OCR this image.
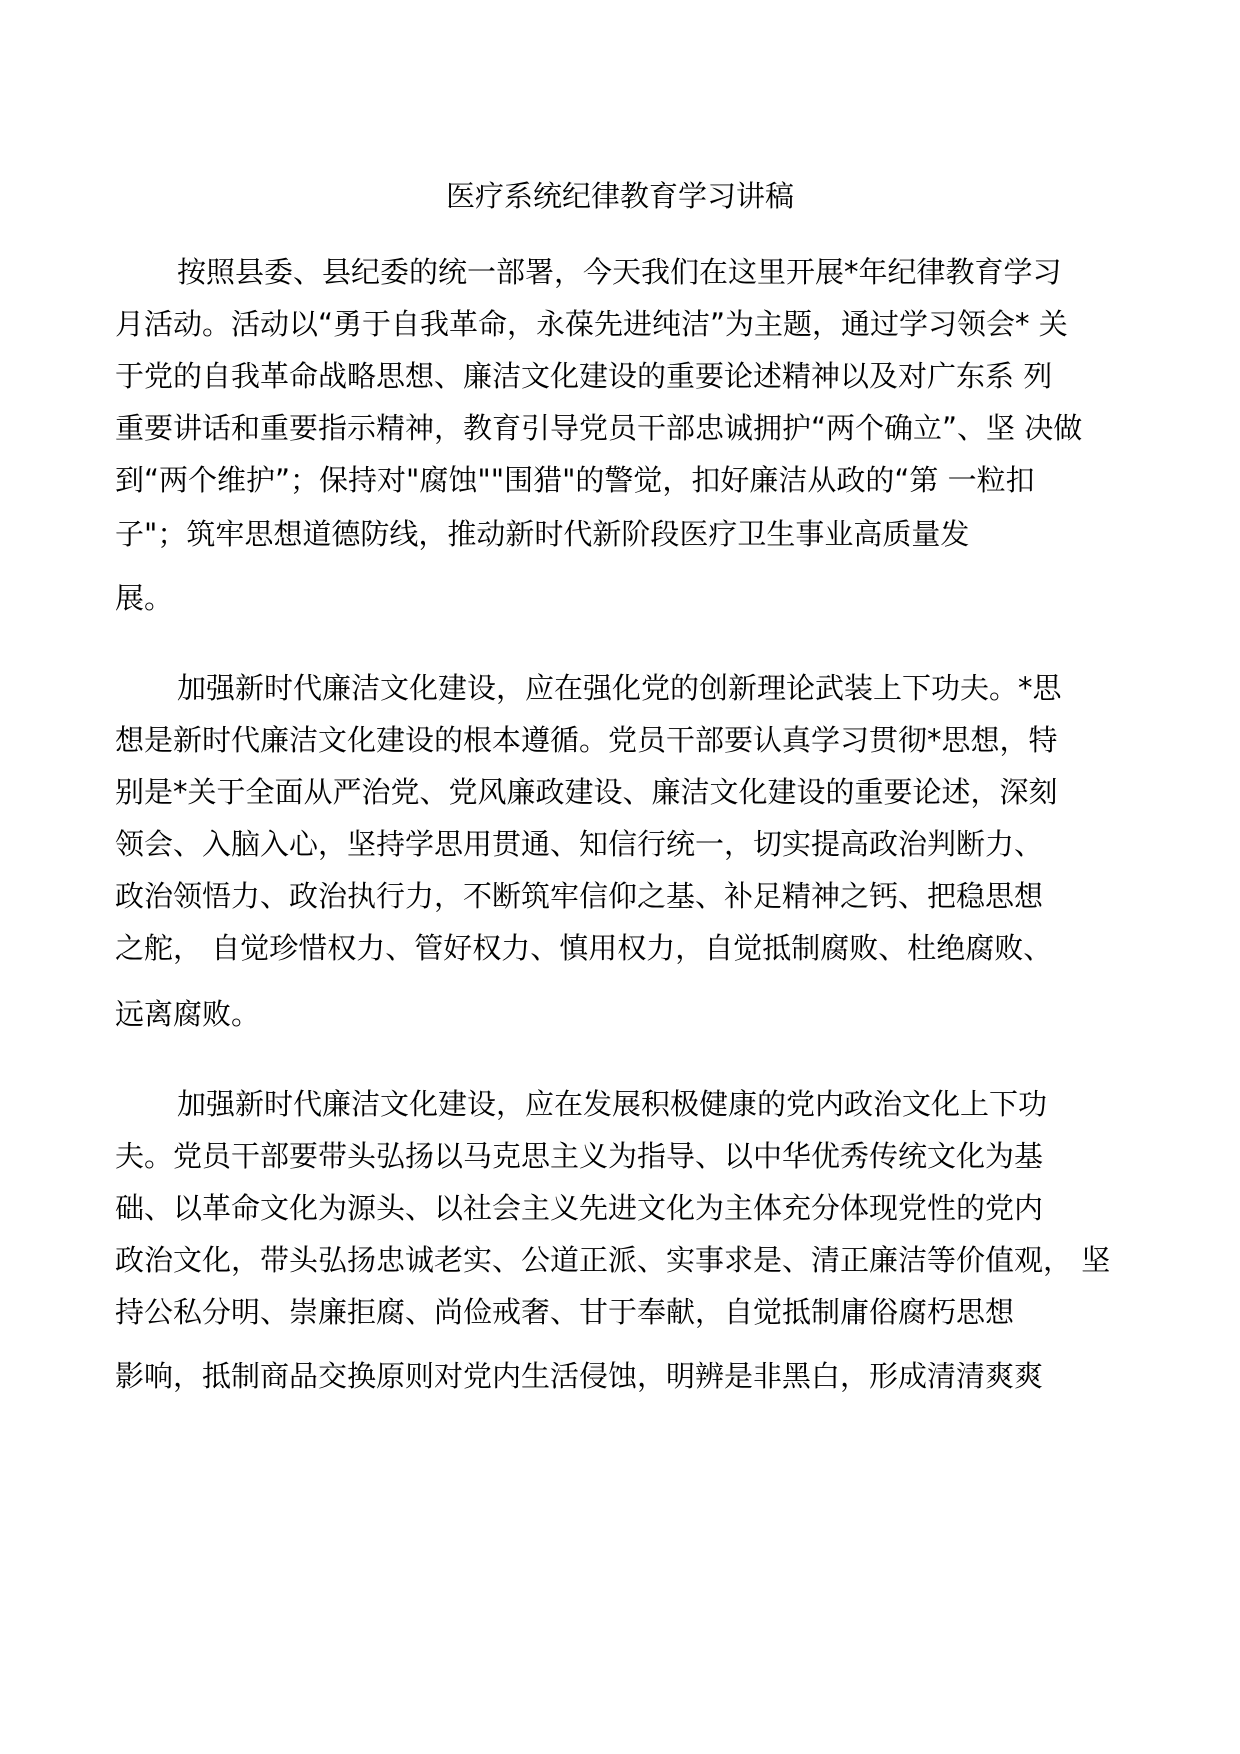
医疗系统纪律教育学习讲稿
按照县委、县纪委的统一部署，今天我们在这里开展*年纪律教育学习
月活动。活动以“勇于自我革命，永葆先进纯洁”为主题，通过学习领会* 关
于党的自我革命战略思想、廉洁文化建设的重要论述精神以及对广东系 列
重要讲话和重要指示精神，教育引导党员干部忠诚拥护“两个确立”、坚 决做
到“两个维护”；保持对"腐蚀""围猎"的警觉，扣好廉洁从政的“第 一粒扣
子"；筑牢思想道德防线，推动新时代新阶段医疗卫生事业高质量发
展。
加强新时代廉洁文化建设，应在强化党的创新理论武装上下功夫。*思
想是新时代廉洁文化建设的根本遵循。党员干部要认真学习贯彻*思想，特
别是*关于全面从严治党、党风廉政建设、廉洁文化建设的重要论述，深刻
领会、入脑入心，坚持学思用贯通、知信行统一，切实提高政治判断力、
政治领悟力、政治执行力，不断筑牢信仰之基、补足精神之钙、把稳思想
之舵， 自觉珍惜权力、管好权力、慎用权力，自觉抵制腐败、杜绝腐败、
远离腐败。
加强新时代廉洁文化建设，应在发展积极健康的党内政治文化上下功
夫。党员干部要带头弘扬以马克思主义为指导、以中华优秀传统文化为基
础、以革命文化为源头、以社会主义先进文化为主体充分体现党性的党内
政治文化，带头弘扬忠诚老实、公道正派、实事求是、清正廉洁等价值观， 坚
持公私分明、崇廉拒腐、尚俭戒奢、甘于奉献，自觉抵制庸俗腐朽思想
影响，抵制商品交换原则对党内生活侵蚀，明辨是非黑白，形成清清爽爽
